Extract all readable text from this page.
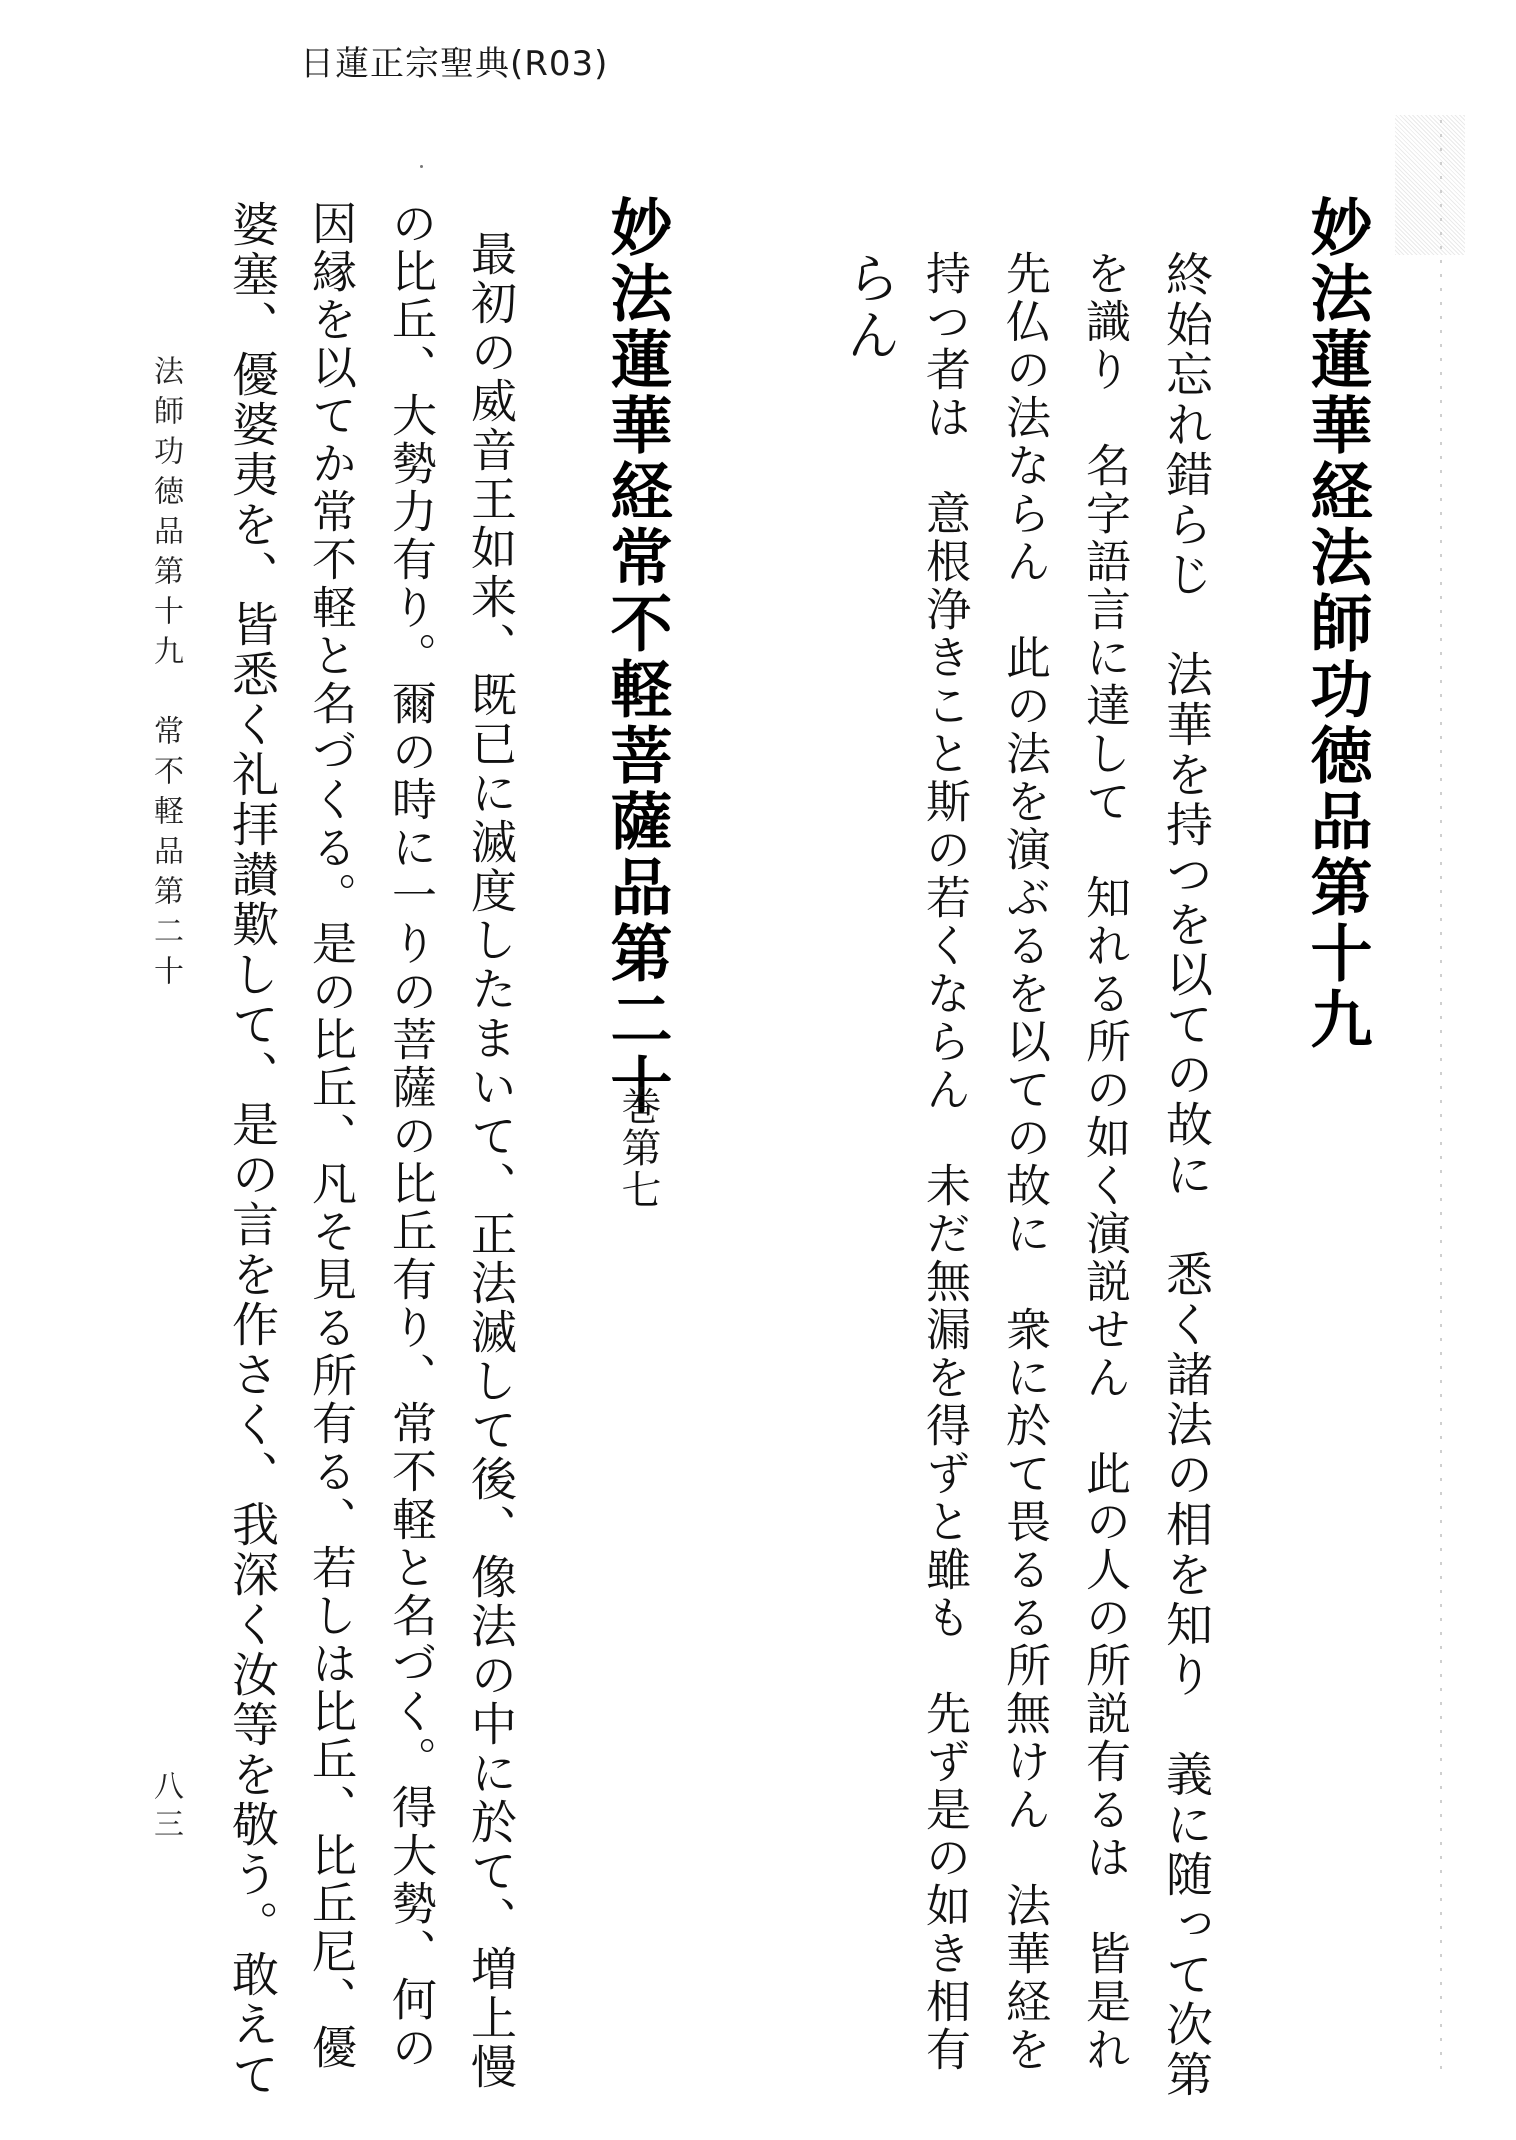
日蓮正宗聖典(R03)
妙法蓮華経法師功徳品第十九
終始忘れ錯らじ　法華を持つを以ての故に　悉く諸法の相を知り　義に随って次第
を識り　名字語言に達して　知れる所の如く演説せん　此の人の所説有るは　皆是れ
先仏の法ならん　此の法を演ぶるを以ての故に　衆に於て畏るる所無けん　法華経を
持つ者は　意根浄きこと斯の若くならん　未だ無漏を得ずと雖も　先ず是の如き相有
らん
妙法蓮華経常不軽菩薩品第二十
巻第七
最初の威音王如来、既已に滅度したまいて、正法滅して後、像法の中に於て、増上慢
の比丘、大勢力有り。爾の時に一りの菩薩の比丘有り、常不軽と名づく。得大勢、何の
因縁を以てか常不軽と名づくる。是の比丘、凡そ見る所有る、若しは比丘、比丘尼、優
婆塞、優婆夷を、皆悉く礼拝讃歎して、是の言を作さく、我深く汝等を敬う。敢えて
法師功徳品第十九　常不軽品第二十
八三
